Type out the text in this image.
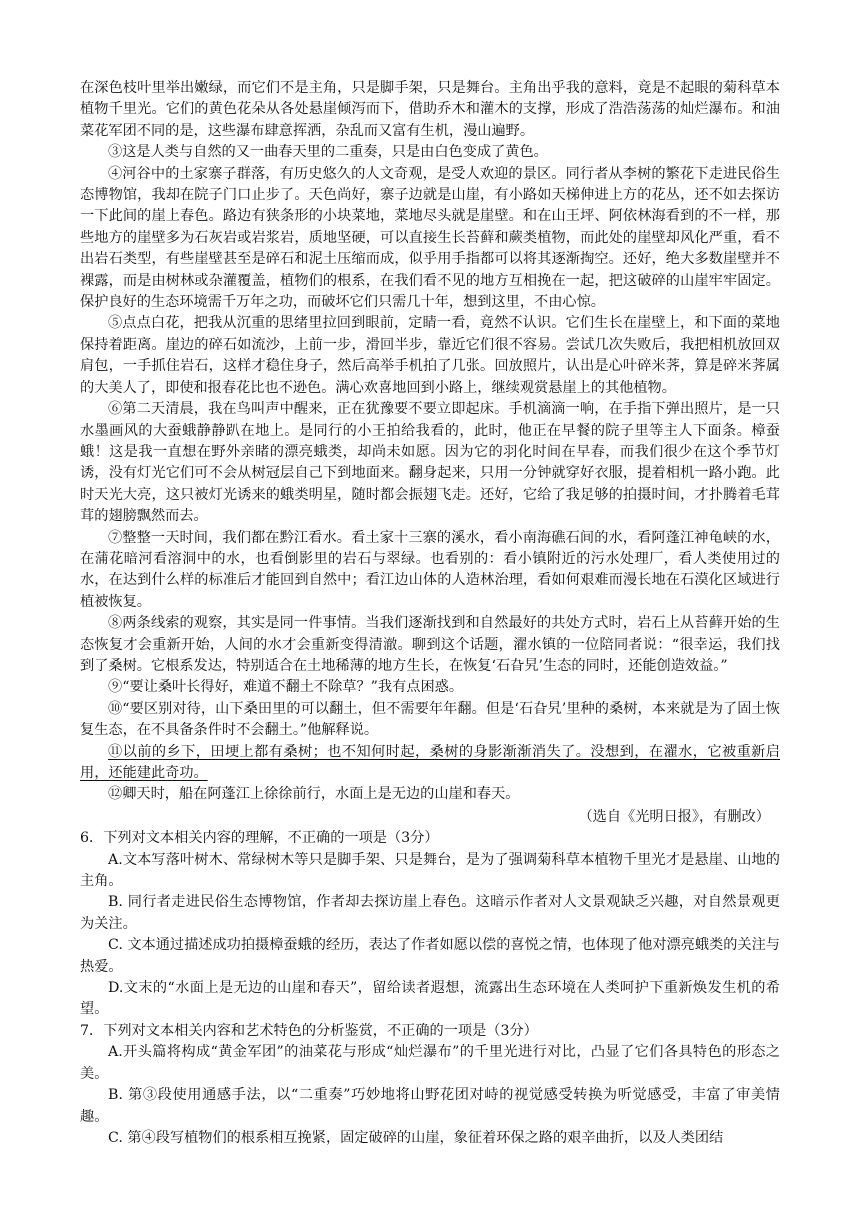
在深色枝叶里举出嫩绿，而它们不是主角，只是脚手架，只是舞台。主角出乎我的意料，竟是不起眼的菊科草本植物千里光。它们的黄色花朵从各处悬崖倾泻而下，借助乔木和灌木的支撑，形成了浩浩荡荡的灿烂瀑布。和油菜花军团不同的是，这些瀑布肆意挥洒，杂乱而又富有生机，漫山遍野。

③这是人类与自然的又一曲春天里的二重奏，只是由白色变成了黄色。

④河谷中的土家寨子群落，有历史悠久的人文奇观，是受人欢迎的景区。同行者从李树的繁花下走进民俗生态博物馆，我却在院子门口止步了。天色尚好，寨子边就是山崖，有小路如天梯伸进上方的花丛，还不如去探访一下此间的崖上春色。路边有狭条形的小块菜地，菜地尽头就是崖壁。和在山王坪、阿依林海看到的不一样，那些地方的崖壁多为石灰岩或岩浆岩，质地坚硬，可以直接生长苔藓和蕨类植物，而此处的崖壁却风化严重，看不出岩石类型，有些崖壁甚至是碎石和泥土压缩而成，似乎用手指都可以将其逐渐掏空。还好，绝大多数崖壁并不裸露，而是由树林或杂灌覆盖，植物们的根系，在我们看不见的地方互相挽在一起，把这破碎的山崖牢牢固定。保护良好的生态环境需千万年之功，而破坏它们只需几十年，想到这里，不由心惊。

⑤点点白花，把我从沉重的思绪里拉回到眼前，定睛一看，竟然不认识。它们生长在崖壁上，和下面的菜地保持着距离。崖边的碎石如流沙，上前一步，滑回半步，靠近它们很不容易。尝试几次失败后，我把相机放回双肩包，一手抓住岩石，这样才稳住身子，然后高举手机拍了几张。回放照片，认出是心叶碎米荠，算是碎米荠属的大美人了，即使和报春花比也不逊色。满心欢喜地回到小路上，继续观赏悬崖上的其他植物。

⑥第二天清晨，我在鸟叫声中醒来，正在犹豫要不要立即起床。手机滴滴一响，在手指下弹出照片，是一只水墨画风的大蚕蛾静静趴在地上。是同行的小王拍给我看的，此时，他正在早餐的院子里等主人下面条。樟蚕蛾！这是我一直想在野外亲睹的漂亮蛾类，却尚未如愿。因为它的羽化时间在早春，而我们很少在这个季节灯诱，没有灯光它们可不会从树冠层自己下到地面来。翻身起来，只用一分钟就穿好衣服，提着相机一路小跑。此时天光大亮，这只被灯光诱来的蛾类明星，随时都会振翅飞走。还好，它给了我足够的拍摄时间，才扑腾着毛茸茸的翅膀飘然而去。

⑦整整一天时间，我们都在黔江看水。看土家十三寨的溪水，看小南海礁石间的水，看阿蓬江神龟峡的水，在蒲花暗河看溶洞中的水，也看倒影里的岩石与翠绿。也看别的：看小镇附近的污水处理厂，看人类使用过的水，在达到什么样的标准后才能回到自然中；看江边山体的人造林治理，看如何艰难而漫长地在石漠化区域进行植被恢复。

⑧两条线索的观察，其实是同一件事情。当我们逐渐找到和自然最好的共处方式时，岩石上从苔藓开始的生态恢复才会重新开始，人间的水才会重新变得清澈。聊到这个话题，濯水镇的一位陪同者说：“很幸运，我们找到了桑树。它根系发达，特别适合在土地稀薄的地方生长，在恢复‘石旮旯’生态的同时，还能创造效益。”

⑨“要让桑叶长得好，难道不翻土不除草？”我有点困惑。

⑩“要区别对待，山下桑田里的可以翻土，但不需要年年翻。但是‘石旮旯’里种的桑树，本来就是为了固土恢复生态，在不具备条件时不会翻土。”他解释说。

⑪以前的乡下，田埂上都有桑树；也不知何时起，桑树的身影渐渐消失了。没想到，在濯水，它被重新启用，还能建此奇功。

⑫卿天时，船在阿蓬江上徐徐前行，水面上是无边的山崖和春天。

（选自《光明日报》，有删改）

6．下列对文本相关内容的理解，不正确的一项是（3分）

A.文本写落叶树木、常绿树木等只是脚手架、只是舞台，是为了强调菊科草本植物千里光才是悬崖、山地的主角。

B. 同行者走进民俗生态博物馆，作者却去探访崖上春色。这暗示作者对人文景观缺乏兴趣，对自然景观更为关注。

C. 文本通过描述成功拍摄樟蚕蛾的经历，表达了作者如愿以偿的喜悦之情，也体现了他对漂亮蛾类的关注与热爱。

D.文末的“水面上是无边的山崖和春天”，留给读者遐想，流露出生态环境在人类呵护下重新焕发生机的希望。

7．下列对文本相关内容和艺术特色的分析鉴赏，不正确的一项是（3分）

A.开头篇将构成“黄金军团”的油菜花与形成“灿烂瀑布”的千里光进行对比，凸显了它们各具特色的形态之美。

B. 第③段使用通感手法，以“二重奏”巧妙地将山野花团对峙的视觉感受转换为听觉感受，丰富了审美情趣。

C. 第④段写植物们的根系相互挽紧，固定破碎的山崖，象征着环保之路的艰辛曲折，以及人类团结
